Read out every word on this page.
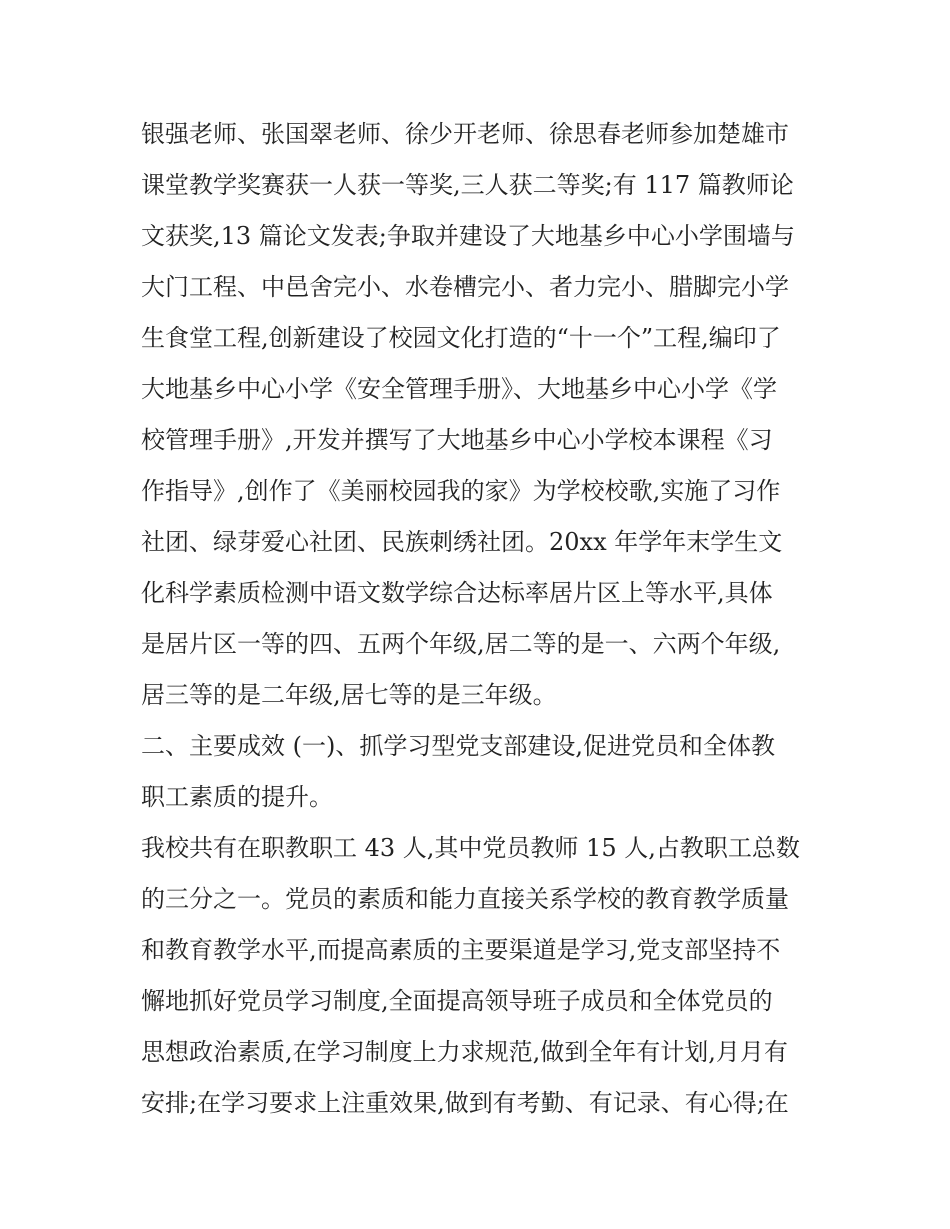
银强老师、张国翠老师、徐少开老师、徐思春老师参加楚雄市
课堂教学奖赛获一人获一等奖,三人获二等奖;有 117 篇教师论
文获奖,13 篇论文发表;争取并建设了大地基乡中心小学围墙与
大门工程、中邑舍完小、水卷槽完小、者力完小、腊脚完小学
生食堂工程,创新建设了校园文化打造的“十一个”工程,编印了
大地基乡中心小学《安全管理手册》、大地基乡中心小学《学
校管理手册》,开发并撰写了大地基乡中心小学校本课程《习
作指导》,创作了《美丽校园我的家》为学校校歌,实施了习作
社团、绿芽爱心社团、民族刺绣社团。20xx 年学年末学生文
化科学素质检测中语文数学综合达标率居片区上等水平,具体
是居片区一等的四、五两个年级,居二等的是一、六两个年级,
居三等的是二年级,居七等的是三年级。
二、主要成效 (一)、抓学习型党支部建设,促进党员和全体教
职工素质的提升。
我校共有在职教职工 43 人,其中党员教师 15 人,占教职工总数
的三分之一。党员的素质和能力直接关系学校的教育教学质量
和教育教学水平,而提高素质的主要渠道是学习,党支部坚持不
懈地抓好党员学习制度,全面提高领导班子成员和全体党员的
思想政治素质,在学习制度上力求规范,做到全年有计划,月月有
安排;在学习要求上注重效果,做到有考勤、有记录、有心得;在
